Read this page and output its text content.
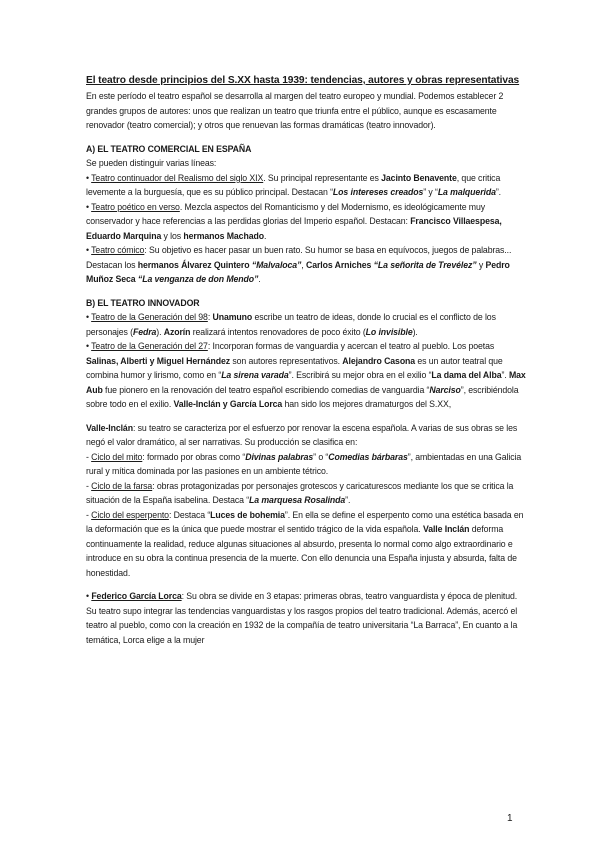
El teatro desde principios del S.XX hasta 1939: tendencias, autores y obras representativas

En este período el teatro español se desarrolla al margen del teatro europeo y mundial. Podemos establecer 2 grandes grupos de autores: unos que realizan un teatro que triunfa entre el público, aunque es escasamente renovador (teatro comercial); y otros que renuevan las formas dramáticas (teatro innovador).

A) EL TEATRO COMERCIAL EN ESPAÑA

Se pueden distinguir varias líneas:

• Teatro continuador del Realismo del siglo XIX. Su principal representante es Jacinto Benavente, que critica levemente a la burguesía, que es su público principal. Destacan “Los intereses creados” y “La malquerida”.

• Teatro poético en verso. Mezcla aspectos del Romanticismo y del Modernismo, es ideológicamente muy conservador y hace referencias a las perdidas glorias del Imperio español. Destacan: Francisco Villaespesa, Eduardo Marquina y los hermanos Machado.

• Teatro cómico: Su objetivo es hacer pasar un buen rato. Su humor se basa en equívocos, juegos de palabras... Destacan los hermanos Álvarez Quintero “Malvaloca”, Carlos Arniches “La señorita de Trevélez” y Pedro Muñoz Seca “La venganza de don Mendo”.

B) EL TEATRO INNOVADOR

• Teatro de la Generación del 98: Unamuno escribe un teatro de ideas, donde lo crucial es el conflicto de los personajes (Fedra). Azorín realizará intentos renovadores de poco éxito (Lo invisible).

• Teatro de la Generación del 27: Incorporan formas de vanguardia y acercan el teatro al pueblo. Los poetas Salinas, Alberti y Miguel Hernández son autores representativos. Alejandro Casona es un autor teatral que combina humor y lirismo, como en “La sirena varada”. Escribirá su mejor obra en el exilio “La dama del Alba”. Max Aub fue pionero en la renovación del teatro español escribiendo comedias de vanguardia “Narciso”, escribiéndola sobre todo en el exilio. Valle-Inclán y García Lorca han sido los mejores dramaturgos del S.XX,

Valle-Inclán: su teatro se caracteriza por el esfuerzo por renovar la escena española. A varias de sus obras se les negó el valor dramático, al ser narrativas. Su producción se clasifica en:

- Ciclo del mito: formado por obras como “Divinas palabras” o “Comedias bárbaras”, ambientadas en una Galicia rural y mítica dominada por las pasiones en un ambiente tétrico.

- Ciclo de la farsa: obras protagonizadas por personajes grotescos y caricaturescos mediante los que se critica la situación de la España isabelina. Destaca “La marquesa Rosalinda”.

- Ciclo del esperpento: Destaca “Luces de bohemia”. En ella se define el esperpento como una estética basada en la deformación que es la única que puede mostrar el sentido trágico de la vida española. Valle Inclán deforma continuamente la realidad, reduce algunas situaciones al absurdo, presenta lo normal como algo extraordinario e introduce en su obra la continua presencia de la muerte. Con ello denuncia una España injusta y absurda, falta de honestidad.

• Federico García Lorca: Su obra se divide en 3 etapas: primeras obras, teatro vanguardista y época de plenitud. Su teatro supo integrar las tendencias vanguardistas y los rasgos propios del teatro tradicional. Además, acercó el teatro al pueblo, como con la creación en 1932 de la compañía de teatro universitaria “La Barraca”, En cuanto a la temática, Lorca elige a la mujer

1
